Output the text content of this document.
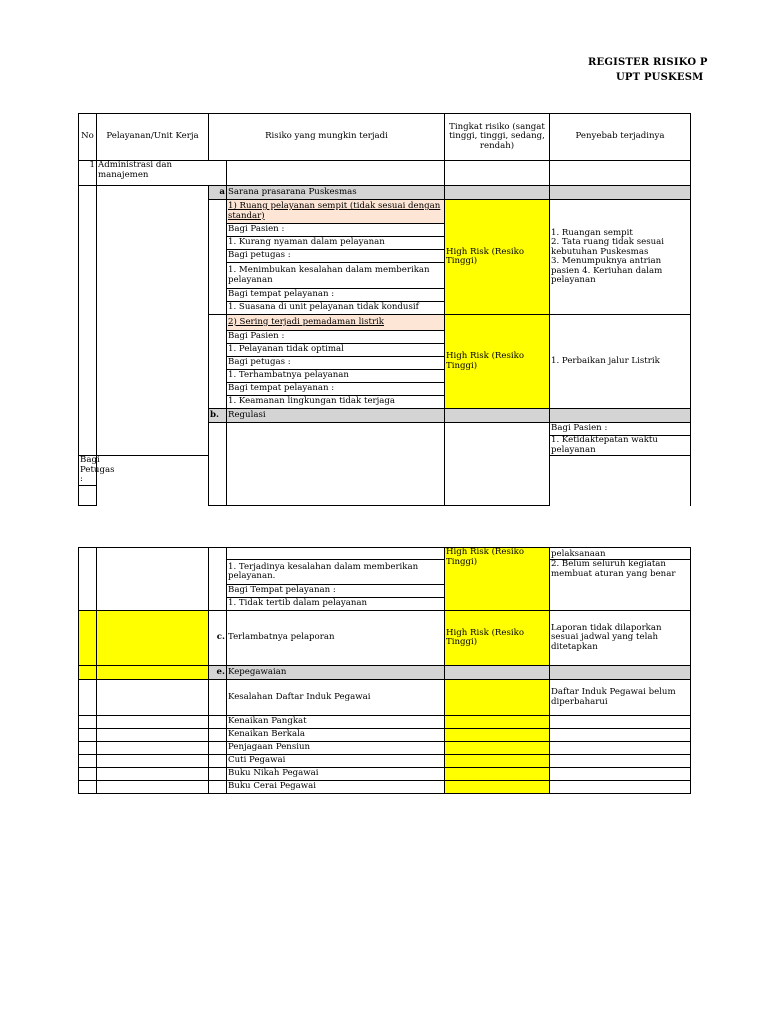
REGISTER RISIKO P
UPT PUSKESM
No	Pelayanan/Unit Kerja	Risiko yang mungkin terjadi		Tingkat risiko (sangat tinggi, tinggi, sedang, rendah)	Penyebab terjadinya	
1	Administrasi dan manajemen					
		a	Sarana prasarana Puskesmas			
			1) Ruang pelayanan sempit (tidak sesuai dengan standar)	High Risk (Resiko Tinggi)	1. Ruangan sempit
2. Tata ruang tidak sesuai kebutuhan Puskesmas
3. Menumpuknya antrian pasien 4. Keriuhan dalam pelayanan	
			Bagi Pasien :			
			1. Kurang nyaman dalam pelayanan			
			Bagi petugas :			
			1. Menimbukan kesalahan dalam memberikan pelayanan			
			Bagi tempat pelayanan :			
			1. Suasana di unit pelayanan tidak kondusif			
			2) Sering terjadi pemadaman listrik	High Risk (Resiko Tinggi)	1. Perbaikan jalur Listrik	
			Bagi Pasien :			
			1. Pelayanan tidak optimal			
			Bagi petugas :			
			1. Terhambatnya pelayanan			
			Bagi tempat pelayanan :			
			1. Keamanan lingkungan tidak terjaga			
		b.	Regulasi			
					Bagi Pasien :		
					1. Ketidaktepatan waktu pelayanan	
Bagi Petugas :						

				High Risk (Resiko Tinggi)	pelaksanaan
			1. Terjadinya kesalahan dalam memberikan pelayanan.		2. Belum seluruh kegiatan membuat aturan yang benar
			Bagi Tempat pelayanan :		
			1. Tidak tertib dalam pelayanan		
		c.	Terlambatnya pelaporan	High Risk (Resiko Tinggi)	Laporan tidak dilaporkan sesuai jadwal yang telah ditetapkan
		e.	Kepegawaian		
			Kesalahan Daftar Induk Pegawai		Daftar Induk Pegawai belum diperbaharui
			Kenaikan Pangkat		
			Kenaikan Berkala		
			Penjagaan Pensiun		
			Cuti Pegawai		
			Buku Nikah Pegawai		
			Buku Cerai Pegawai		
